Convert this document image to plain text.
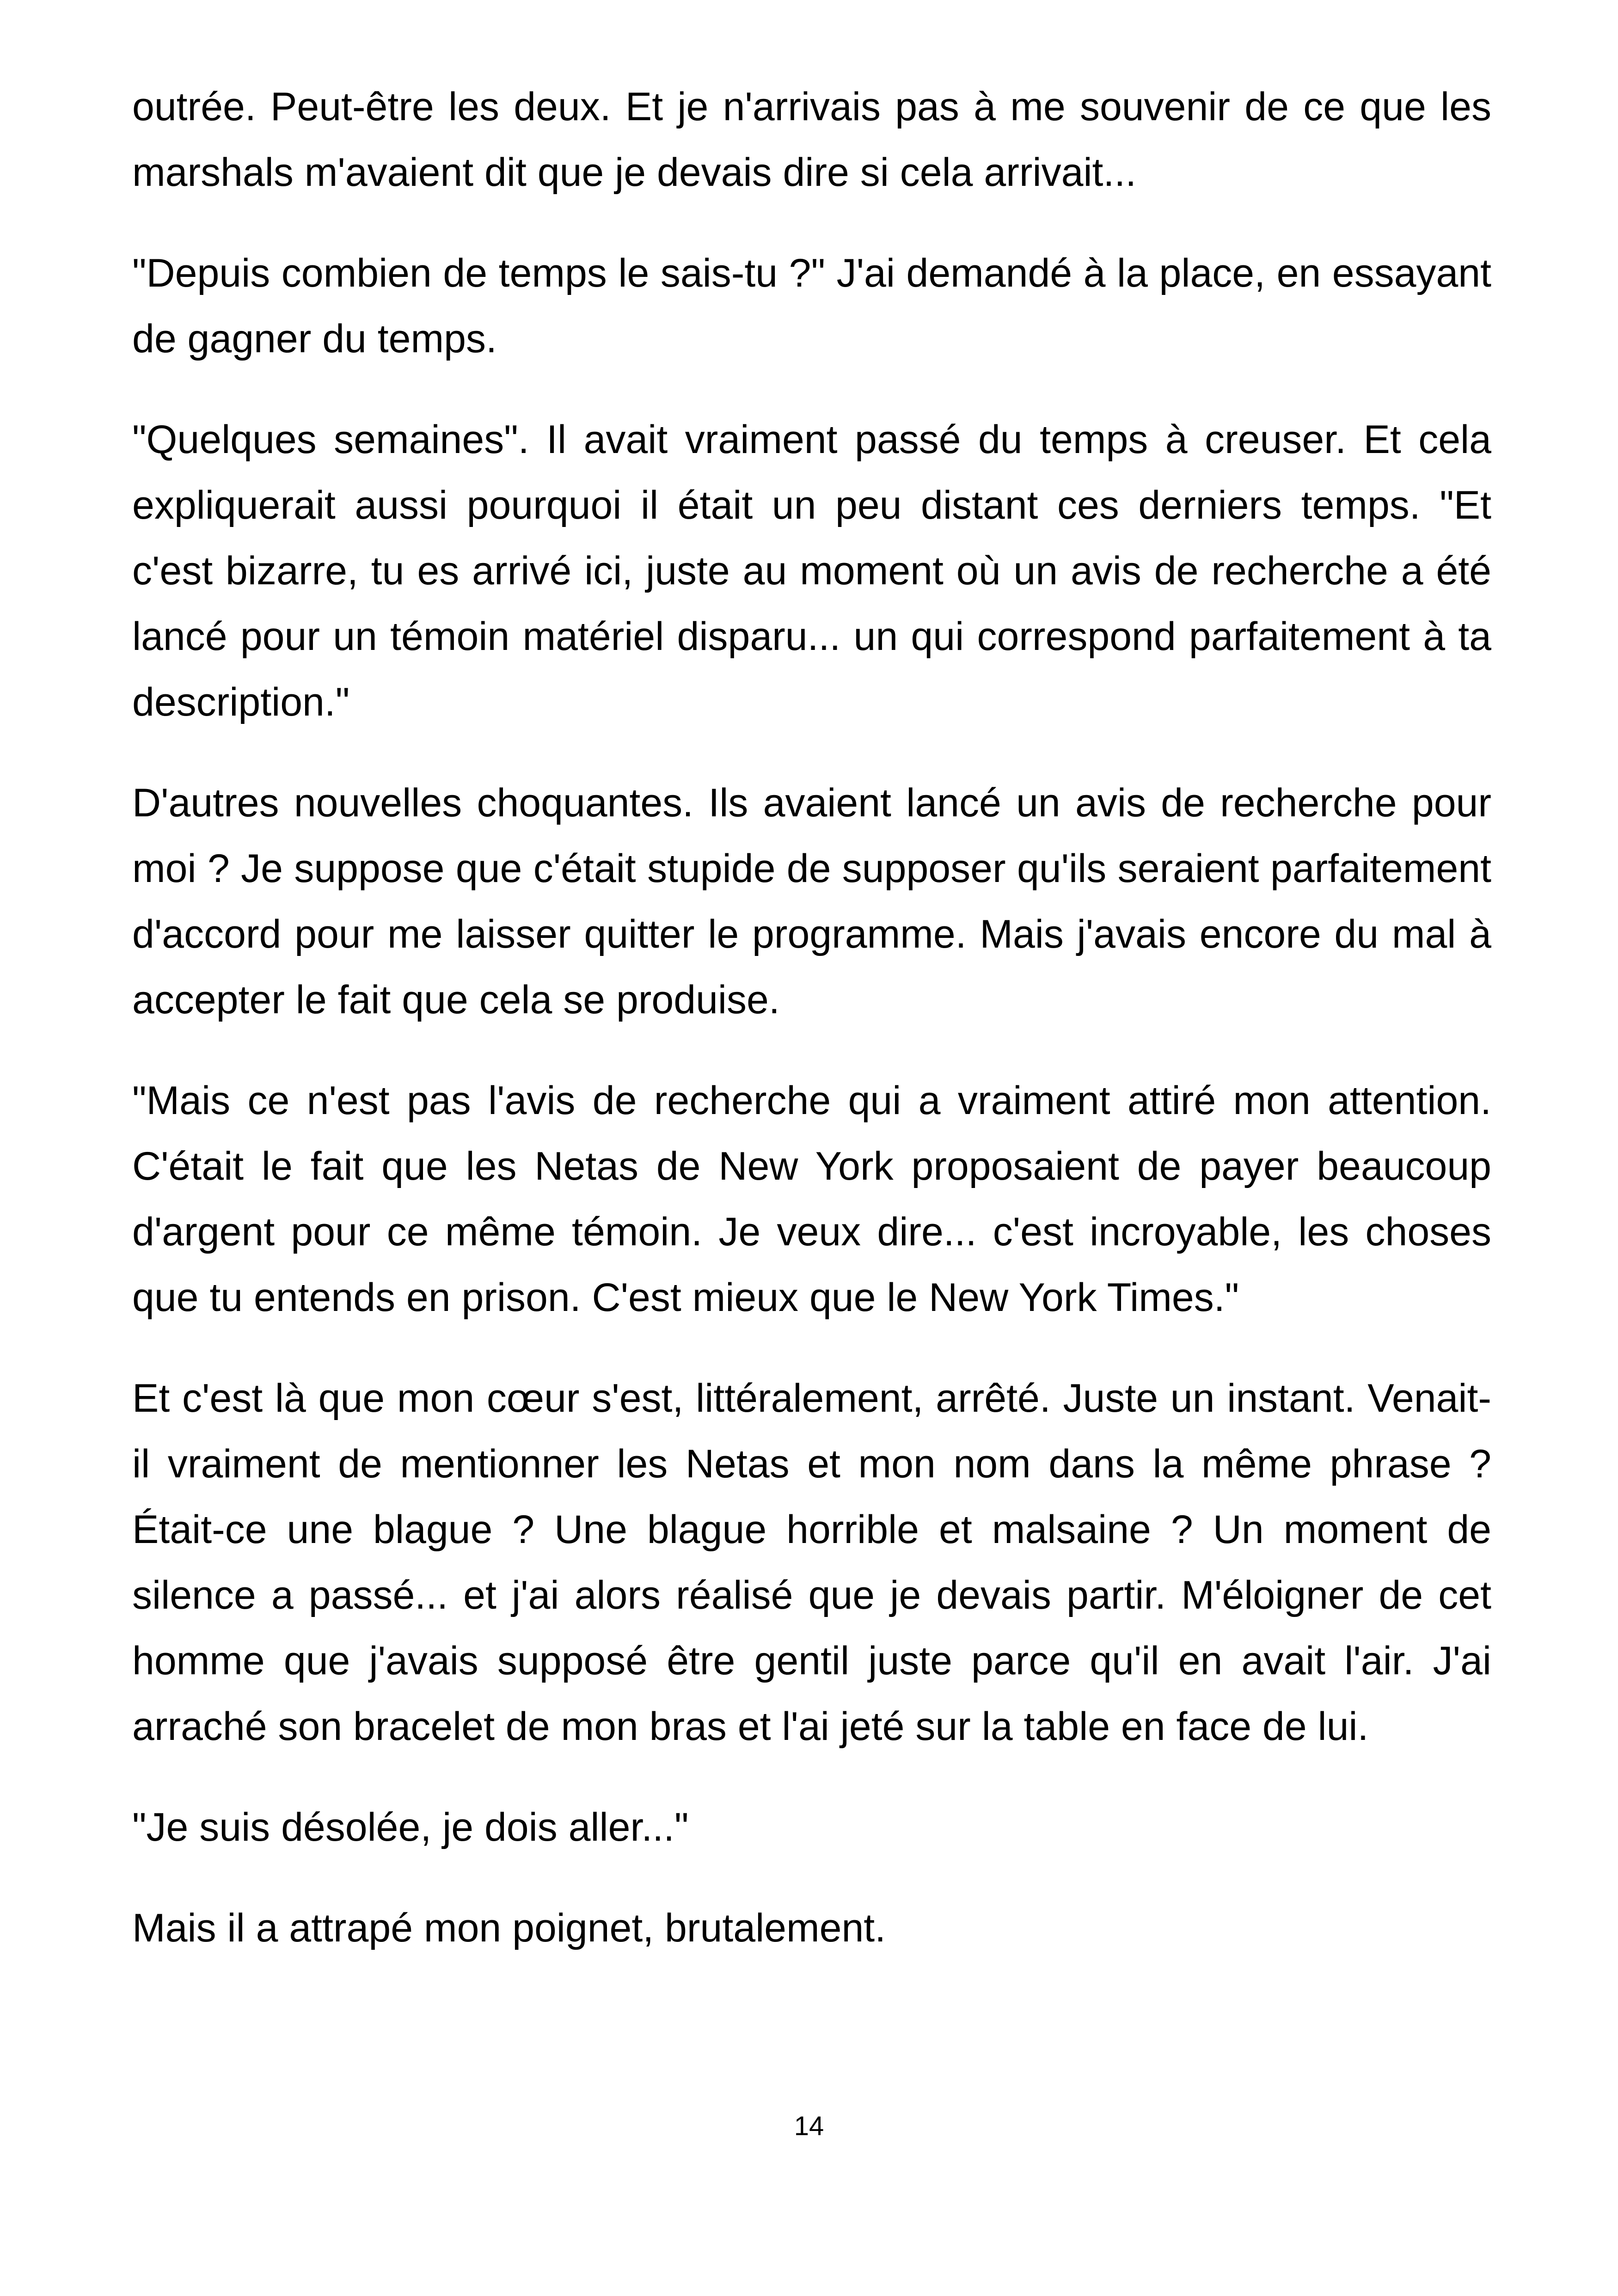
outrée. Peut-être les deux. Et je n'arrivais pas à me souvenir de ce que les marshals m'avaient dit que je devais dire si cela arrivait...

"Depuis combien de temps le sais-tu ?" J'ai demandé à la place, en essayant de gagner du temps.

"Quelques semaines". Il avait vraiment passé du temps à creuser. Et cela expliquerait aussi pourquoi il était un peu distant ces derniers temps. "Et c'est bizarre, tu es arrivé ici, juste au moment où un avis de recherche a été lancé pour un témoin matériel disparu... un qui correspond parfaitement à ta description."

D'autres nouvelles choquantes. Ils avaient lancé un avis de recherche pour moi ? Je suppose que c'était stupide de supposer qu'ils seraient parfaitement d'accord pour me laisser quitter le programme. Mais j'avais encore du mal à accepter le fait que cela se produise.

"Mais ce n'est pas l'avis de recherche qui a vraiment attiré mon attention. C'était le fait que les Netas de New York proposaient de payer beaucoup d'argent pour ce même témoin. Je veux dire... c'est incroyable, les choses que tu entends en prison. C'est mieux que le New York Times."

Et c'est là que mon cœur s'est, littéralement, arrêté. Juste un instant. Venait-il vraiment de mentionner les Netas et mon nom dans la même phrase ? Était-ce une blague ? Une blague horrible et malsaine ? Un moment de silence a passé... et j'ai alors réalisé que je devais partir. M'éloigner de cet homme que j'avais supposé être gentil juste parce qu'il en avait l'air. J'ai arraché son bracelet de mon bras et l'ai jeté sur la table en face de lui.

"Je suis désolée, je dois aller..."

Mais il a attrapé mon poignet, brutalement.

14
